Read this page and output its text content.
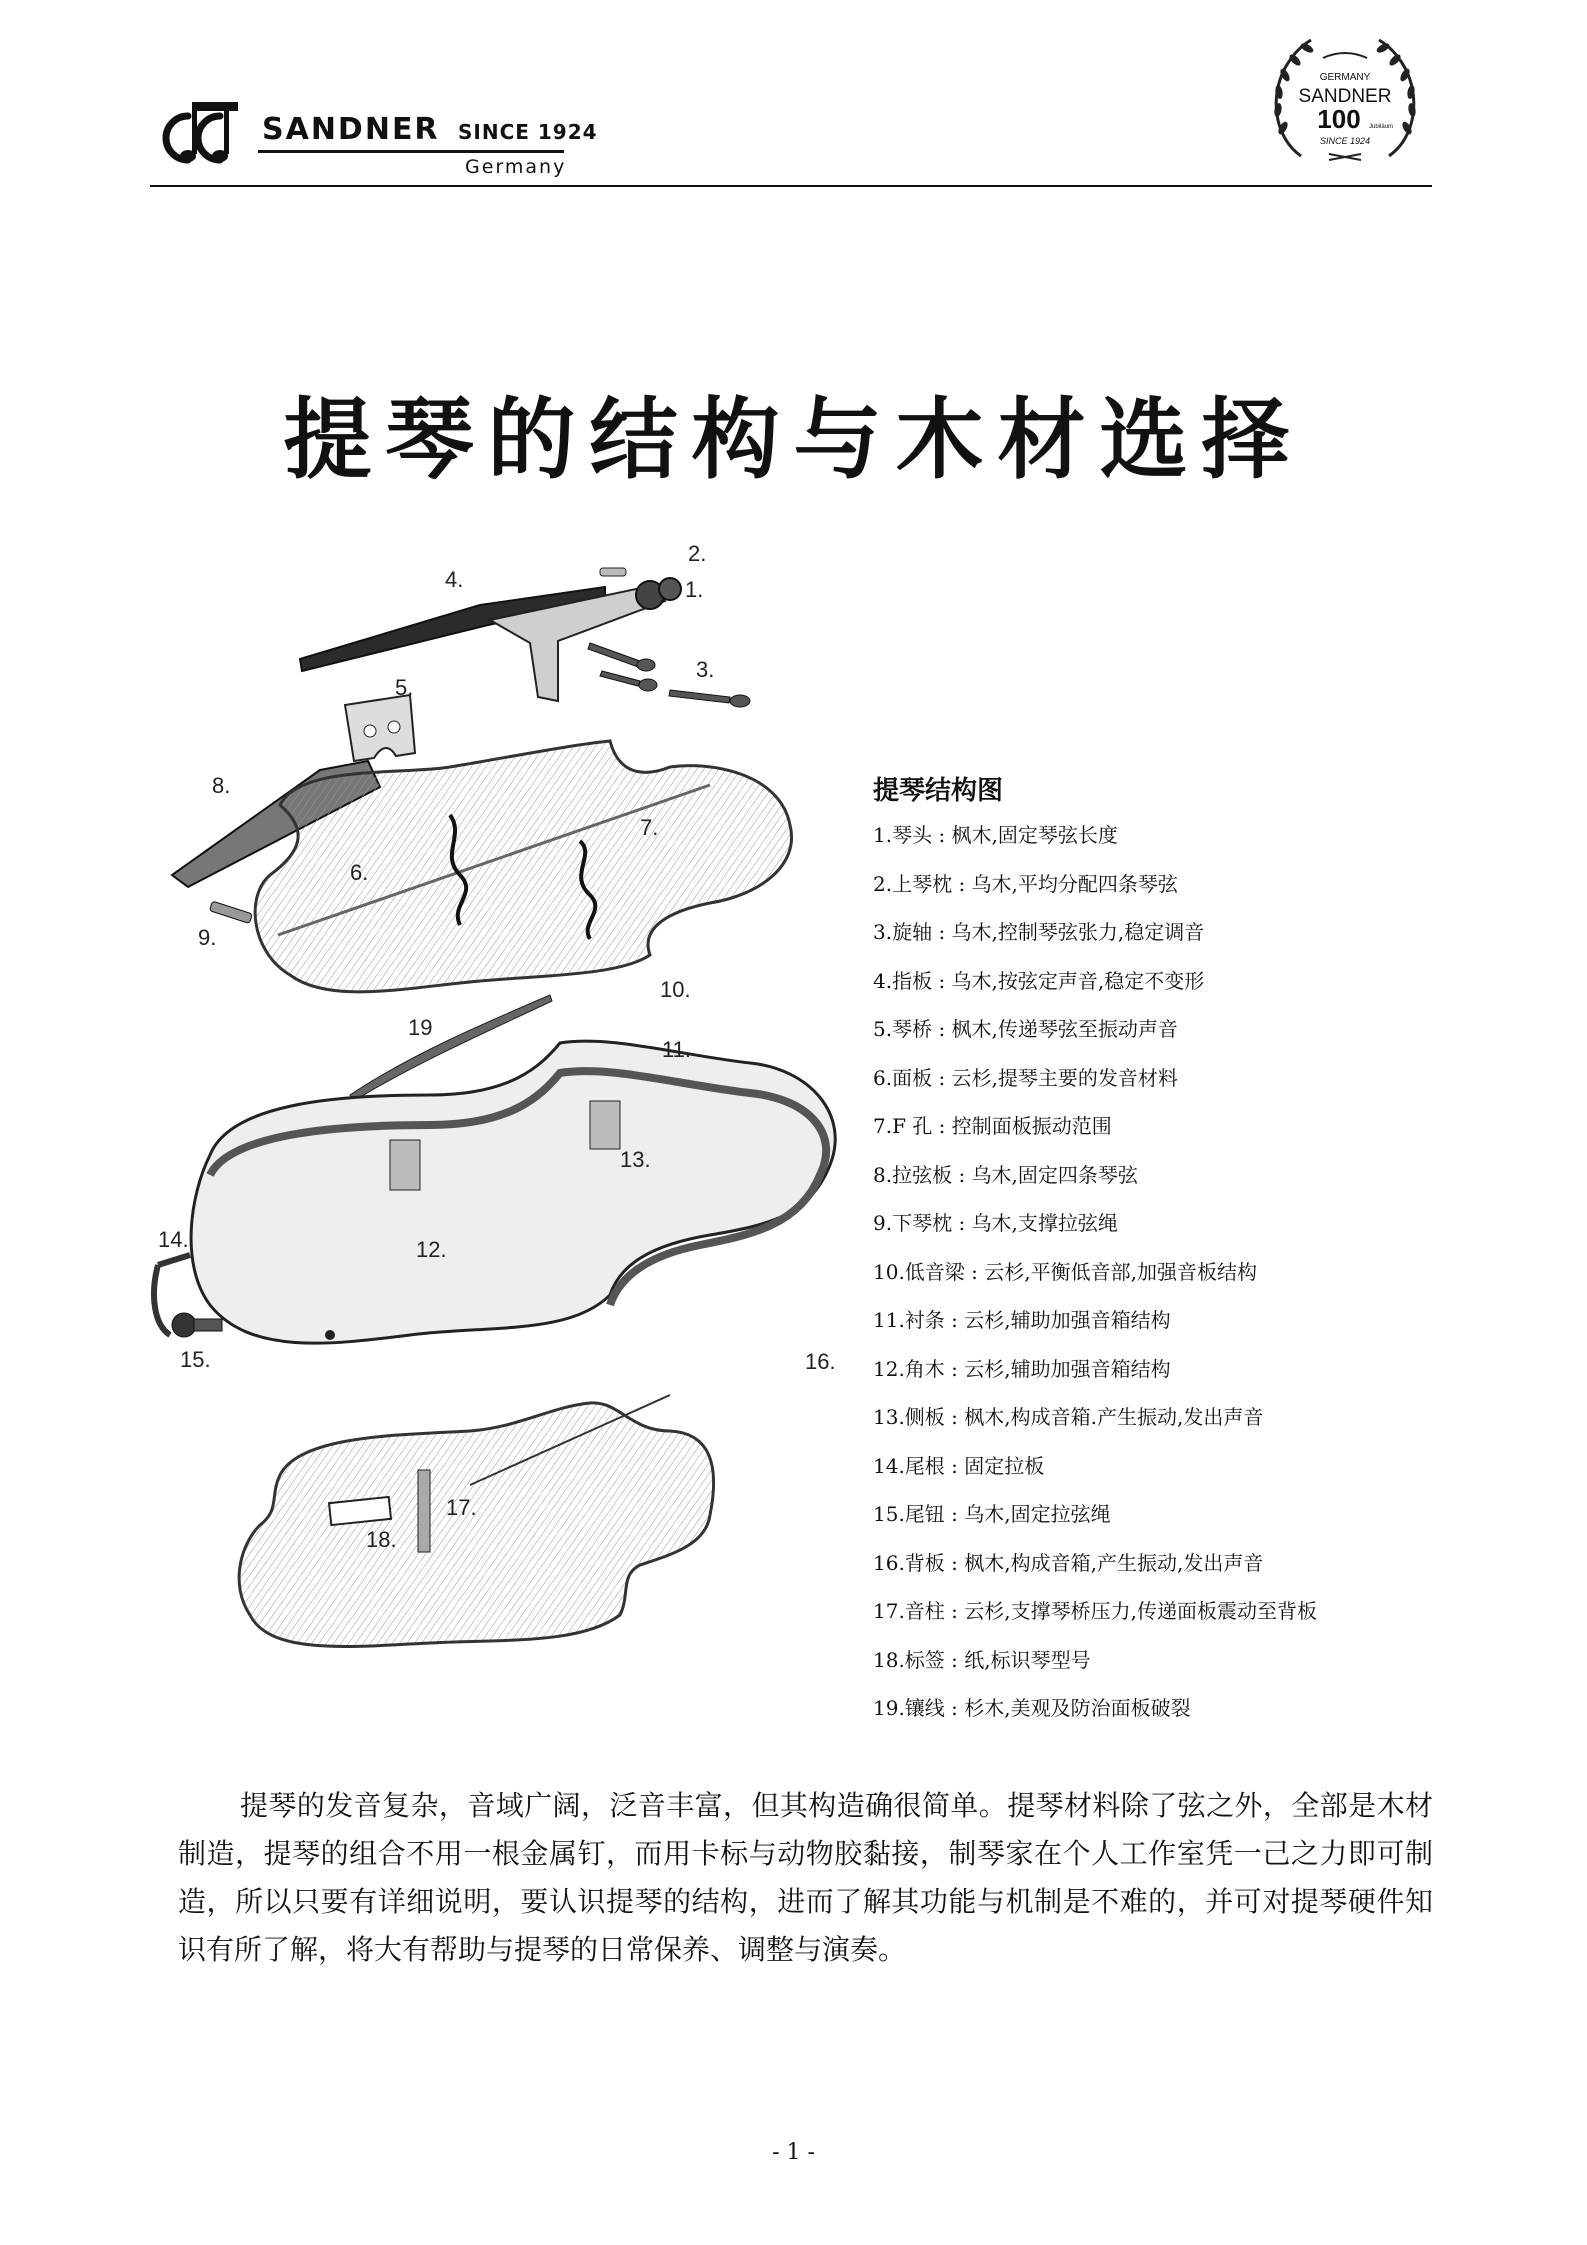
SANDNER SINCE 1924
Germany
GERMANY
SANDNER
100 Jubiläum
SINCE 1924
提琴的结构与木材选择
2.
1.
3.
4.
5.
6.
7.
8.
9.
10.
11.
12.
13.
14.
15.	16.
17.
18.
19
提琴结构图
1.琴头 : 枫木,固定琴弦长度
2.上琴枕 : 乌木,平均分配四条琴弦
3.旋轴 : 乌木,控制琴弦张力,稳定调音
4.指板 : 乌木,按弦定声音,稳定不变形
5.琴桥 : 枫木,传递琴弦至振动声音
6.面板 : 云杉,提琴主要的发音材料
7.F 孔 : 控制面板振动范围
8.拉弦板 : 乌木,固定四条琴弦
9.下琴枕 : 乌木,支撑拉弦绳
10.低音梁 : 云杉,平衡低音部,加强音板结构
11.衬条 : 云杉,辅助加强音箱结构
12.角木 : 云杉,辅助加强音箱结构
13.侧板 : 枫木,构成音箱.产生振动,发出声音
14.尾根 : 固定拉板
15.尾钮 : 乌木,固定拉弦绳
16.背板 : 枫木,构成音箱,产生振动,发出声音
17.音柱 : 云杉,支撑琴桥压力,传递面板震动至背板
18.标签 : 纸,标识琴型号
19.镶线 : 杉木,美观及防治面板破裂

提琴的发音复杂，音域广阔，泛音丰富，但其构造确很简单。提琴材料除了弦之外，全部是木材制造，提琴的组合不用一根金属钉，而用卡标与动物胶黏接，制琴家在个人工作室凭一己之力即可制造，所以只要有详细说明，要认识提琴的结构，进而了解其功能与机制是不难的，并可对提琴硬件知识有所了解，将大有帮助与提琴的日常保养、调整与演奏。

- 1 -
